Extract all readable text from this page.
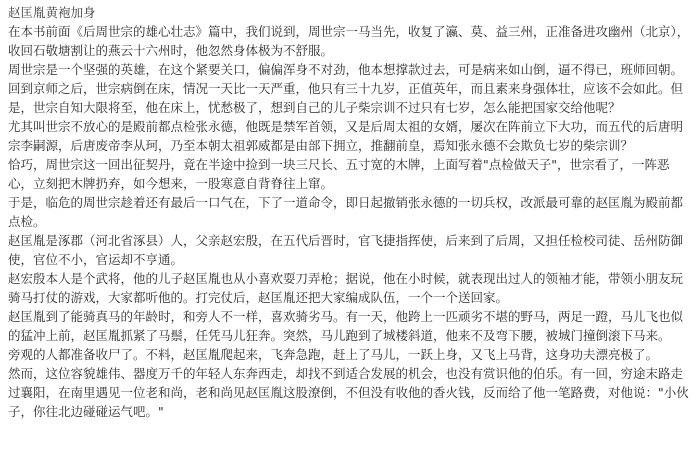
赵匡胤黄袍加身

在本书前面《后周世宗的雄心壮志》篇中，我们说到，周世宗一马当先，收复了瀛、莫、益三州，正准备进攻幽州（北京），收回石敬塘割让的燕云十六州时，他忽然身体极为不舒服。

周世宗是一个坚强的英雄，在这个紧要关口，偏偏浑身不对劲，他本想撑款过去，可是病来如山倒，逼不得已，班师回朝。

回到京师之后，世宗病倒在床，情况一天比一天严重，他只有三十九岁，正值英年，而且素来身强体壮，应该不会如此。但是，世宗自知大限将至，他在床上，忧愁极了，想到自己的儿子柴宗训不过只有七岁，怎么能把国家交给他呢？

尤其叫世宗不放心的是殿前都点检张永德，他既是禁军首领，又是后周太祖的女婿，屡次在阵前立下大功，而五代的后唐明宗李嗣源，后唐废帝李从珂，乃至本朝太祖郭威都是由部下拥立，推翻前皇，焉知张永德不会欺负七岁的柴宗训？

恰巧，周世宗这一回出征契丹，竟在半途中捡到一块三尺长、五寸宽的木牌，上面写着"点检做天子"，世宗看了，一阵恶心，立刻把木牌扔弃，如今想来，一股寒意自背脊往上窜。

于是，临危的周世宗趁着还有最后一口气在，下了一道命令，即日起撤销张永德的一切兵权，改派最可靠的赵匡胤为殿前都点检。

赵匡胤是涿郡（河北省涿县）人，父亲赵宏殷，在五代后晋时，官飞捷指挥使，后来到了后周，又担任检校司徒、岳州防御使，官位不小，官运却不亨通。

赵宏殷本人是个武将，他的儿子赵匡胤也从小喜欢耍刀弄枪；据说，他在小时候，就表现出过人的领袖才能，带领小朋友玩骑马打仗的游戏，大家都听他的。打完仗后，赵匡胤还把大家编成队伍，一个一个送回家。

赵匡胤到了能骑真马的年龄时，和旁人不一样，喜欢骑劣马。有一天，他跨上一匹顽劣不堪的野马，两足一蹬，马儿飞也似的猛冲上前，赵匡胤抓紧了马鬃，任凭马儿狂奔。突然，马儿跑到了城楼斜道，他来不及弯下腰，被城门撞倒滚下马来。

旁观的人都准备收尸了。不料，赵匡胤爬起来，飞奔急跑，赶上了马儿，一跃上身，又飞上马背，这身功夫漂亮极了。

然而，这位容貌雄伟、器度万千的年轻人东奔西走，却找不到适合发展的机会，也没有赏识他的伯乐。有一回，穷途末路走过襄阳，在南里遇见一位老和尚，老和尚见赵匡胤这股潦倒，不但没有收他的香火钱，反而给了他一笔路费，对他说："小伙子，你往北边碰碰运气吧。"
